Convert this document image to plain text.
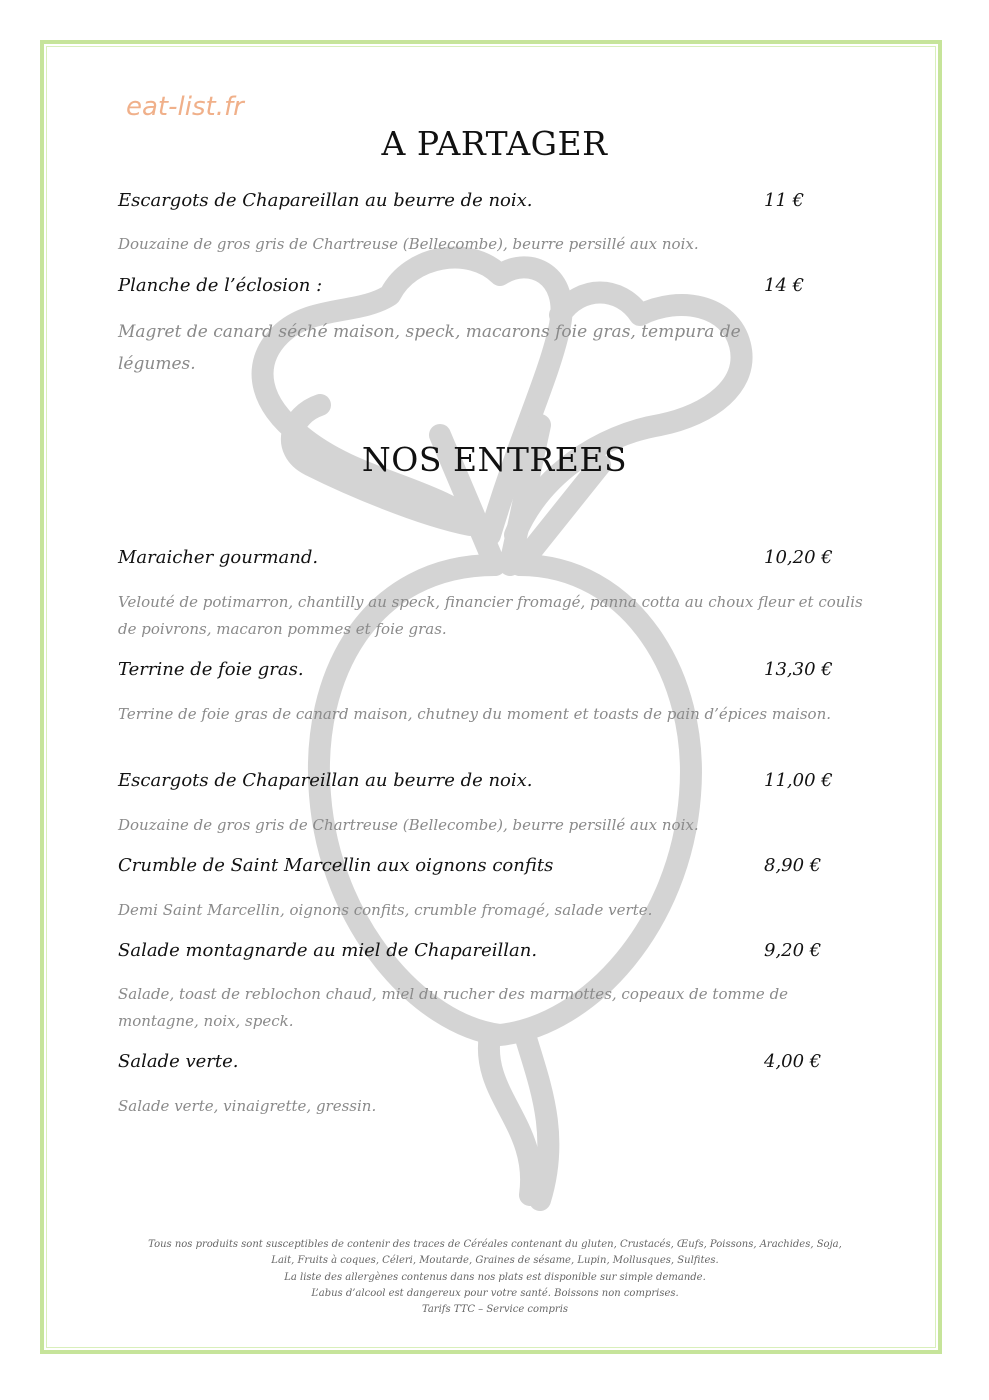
eat-list.fr
A PARTAGER
Escargots de Chapareillan au beurre de noix.	11 €
Douzaine de gros gris de Chartreuse (Bellecombe), beurre persillé aux noix.
Planche de l’éclosion :	14 €
Magret de canard séché maison, speck, macarons foie gras, tempura de légumes.
NOS ENTREES
Maraicher gourmand.	10,20 €
Velouté de potimarron, chantilly au speck, financier fromagé, panna cotta au choux fleur et coulis de poivrons, macaron pommes et foie gras.
Terrine de foie gras.	13,30 €
Terrine de foie gras de canard maison, chutney du moment et toasts de pain d’épices maison.
Escargots de Chapareillan au beurre de noix.	11,00 €
Douzaine de gros gris de Chartreuse (Bellecombe), beurre persillé aux noix.
Crumble de Saint Marcellin aux oignons confits	8,90 €
Demi Saint Marcellin, oignons confits, crumble fromagé, salade verte.
Salade montagnarde au miel de Chapareillan.	9,20 €
Salade, toast de reblochon chaud, miel du rucher des marmottes, copeaux de tomme de montagne, noix, speck.
Salade verte.	4,00 €
Salade verte, vinaigrette, gressin.
Tous nos produits sont susceptibles de contenir des traces de Céréales contenant du gluten, Crustacés, Œufs, Poissons, Arachides, Soja,
Lait, Fruits à coques, Céleri, Moutarde, Graines de sésame, Lupin, Mollusques, Sulfites.
La liste des allergènes contenus dans nos plats est disponible sur simple demande.
L’abus d’alcool est dangereux pour votre santé. Boissons non comprises.
Tarifs TTC – Service compris
